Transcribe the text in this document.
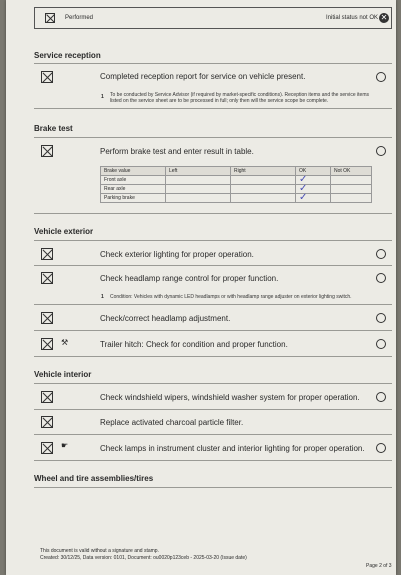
Performed	Initial status not OK ✕
Service reception
Completed reception report for service on vehicle present.
1 To be conducted by Service Advisor (if required by market-specific conditions). Reception items and the service items listed on the service sheet are to be processed in full; only then will the service scope be complete.
Brake test
Perform brake test and enter result in table.
Brake value	Left	Right	OK	Not OK
Front axle			✓	
Rear axle			✓	
Parking brake			✓	
Vehicle exterior
Check exterior lighting for proper operation.
Check headlamp range control for proper function.
1 Condition: Vehicles with dynamic LED headlamps or with headlamp range adjuster on exterior lighting switch.
Check/correct headlamp adjustment.
⚒	Trailer hitch: Check for condition and proper function.
Vehicle interior
Check windshield wipers, windshield washer system for proper operation.
Replace activated charcoal particle filter.
☛	Check lamps in instrument cluster and interior lighting for proper operation.
Wheel and tire assemblies/tires
This document is valid without a signature and stamp.
Created: 30/12/25, Data version: 0101, Document: ou0020p123ceb - 2025-03-20 (Issue date)
Page 2 of 3
